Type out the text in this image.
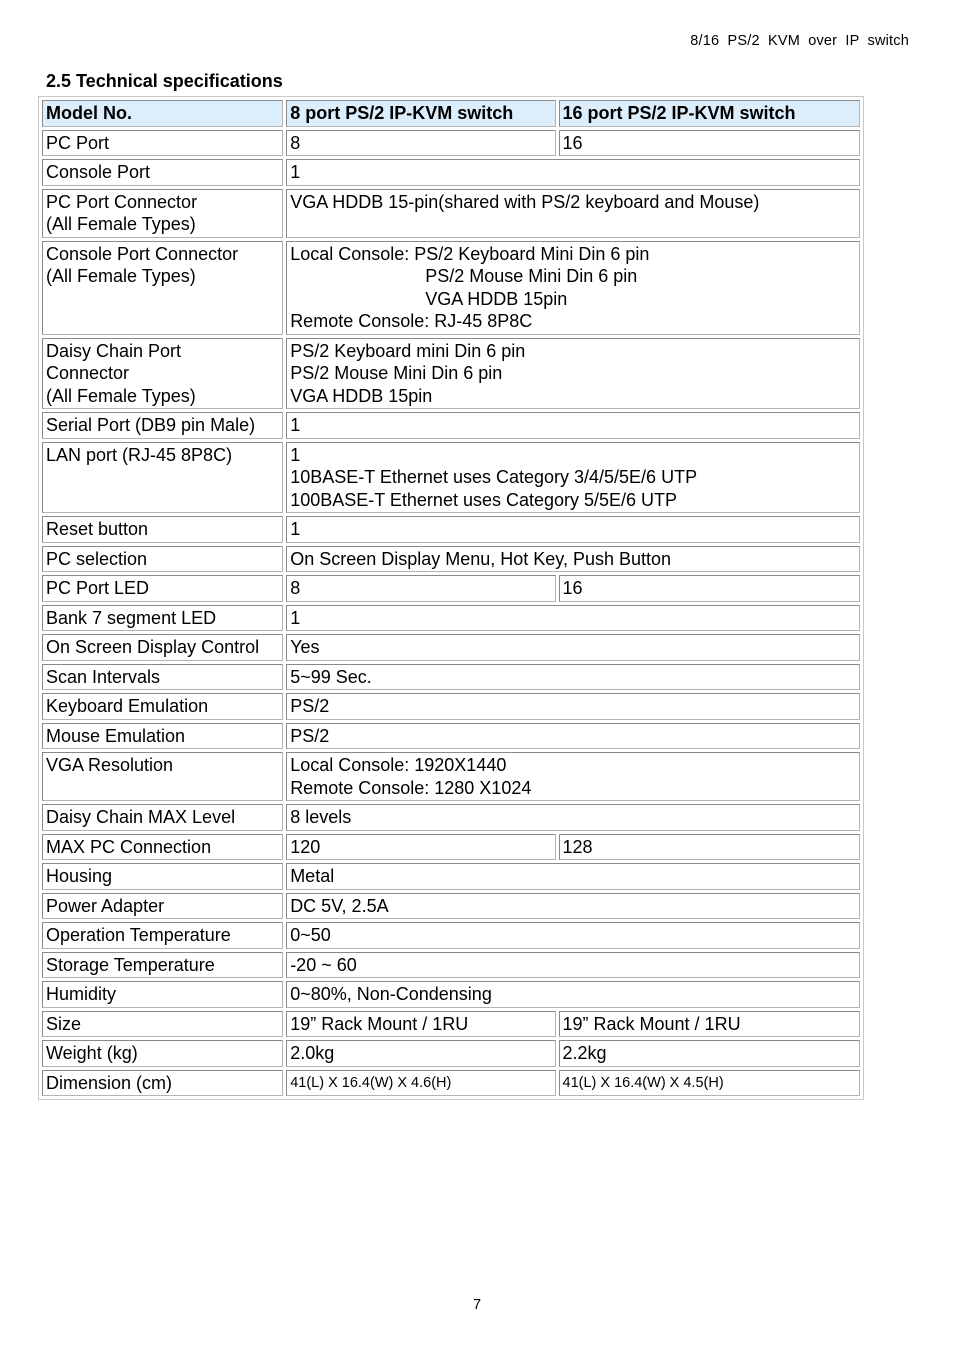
8/16 PS/2 KVM over IP switch
2.5 Technical specifications
Model No.	8 port PS/2 IP-KVM switch	16 port PS/2 IP-KVM switch
PC Port	8	16
Console Port	1	

PC Port Connector
(All Female Types)	VGA HDDB 15-pin(shared with PS/2 keyboard and Mouse)	

Console Port Connector
(All Female Types)	Local Console: PS/2 Keyboard Mini Din 6 pin
PS/2 Mouse Mini Din 6 pin
VGA HDDB 15pin
Remote Console: RJ-45 8P8C	

Daisy Chain Port
Connector
(All Female Types)	PS/2 Keyboard mini Din 6 pin
PS/2 Mouse Mini Din 6 pin
VGA HDDB 15pin	

Serial Port (DB9 pin Male)	1	
LAN port (RJ-45 8P8C)	1
10BASE-T Ethernet uses Category 3/4/5/5E/6 UTP
100BASE-T Ethernet uses Category 5/5E/6 UTP	

Reset button	1	
PC selection	On Screen Display Menu, Hot Key, Push Button	
PC Port LED	8	16
Bank 7 segment LED	1	
On Screen Display Control	Yes	
Scan Intervals	5~99 Sec.	
Keyboard Emulation	PS/2	
Mouse Emulation	PS/2	
VGA Resolution	Local Console: 1920X1440
Remote Console: 1280 X1024	

Daisy Chain MAX Level	8 levels	
MAX PC Connection	120	128
Housing	Metal	
Power Adapter	DC 5V, 2.5A	
Operation Temperature	0~50	
Storage Temperature	-20 ~ 60	
Humidity	0~80%, Non-Condensing	
Size	19” Rack Mount / 1RU	19” Rack Mount / 1RU
Weight (kg)	2.0kg	2.2kg
Dimension (cm)	41(L) X 16.4(W) X 4.6(H)	41(L) X 16.4(W) X 4.5(H)
7
